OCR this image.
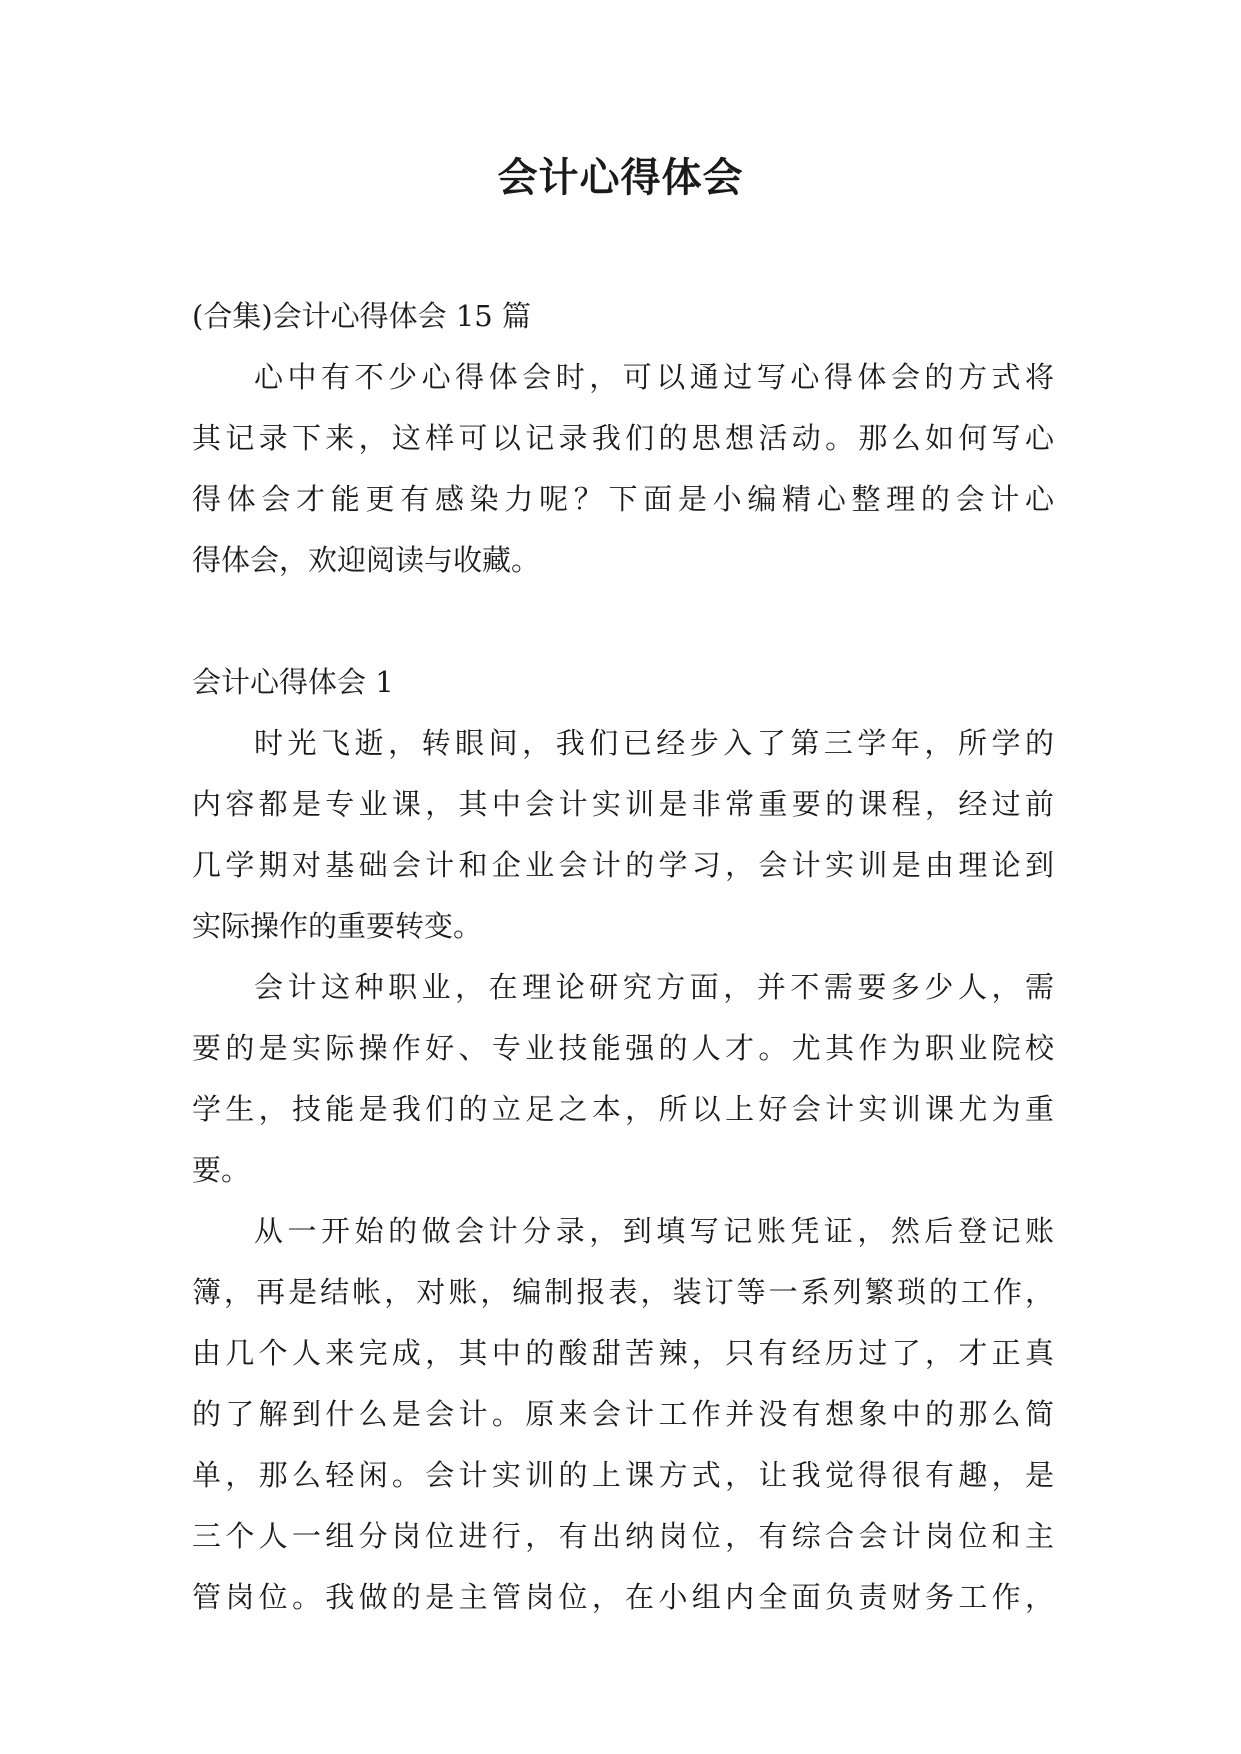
会计心得体会

(合集)会计心得体会 15 篇

心中有不少心得体会时，可以通过写心得体会的方式将

其记录下来，这样可以记录我们的思想活动。那么如何写心

得体会才能更有感染力呢？下面是小编精心整理的会计心

得体会，欢迎阅读与收藏。

会计心得体会 1

时光飞逝，转眼间，我们已经步入了第三学年，所学的

内容都是专业课，其中会计实训是非常重要的课程，经过前

几学期对基础会计和企业会计的学习，会计实训是由理论到

实际操作的重要转变。

会计这种职业，在理论研究方面，并不需要多少人，需

要的是实际操作好、专业技能强的人才。尤其作为职业院校

学生，技能是我们的立足之本，所以上好会计实训课尤为重

要。

从一开始的做会计分录，到填写记账凭证，然后登记账

簿，再是结帐，对账，编制报表，装订等一系列繁琐的工作，

由几个人来完成，其中的酸甜苦辣，只有经历过了，才正真

的了解到什么是会计。原来会计工作并没有想象中的那么简

单，那么轻闲。会计实训的上课方式，让我觉得很有趣，是

三个人一组分岗位进行，有出纳岗位，有综合会计岗位和主

管岗位。我做的是主管岗位，在小组内全面负责财务工作，
